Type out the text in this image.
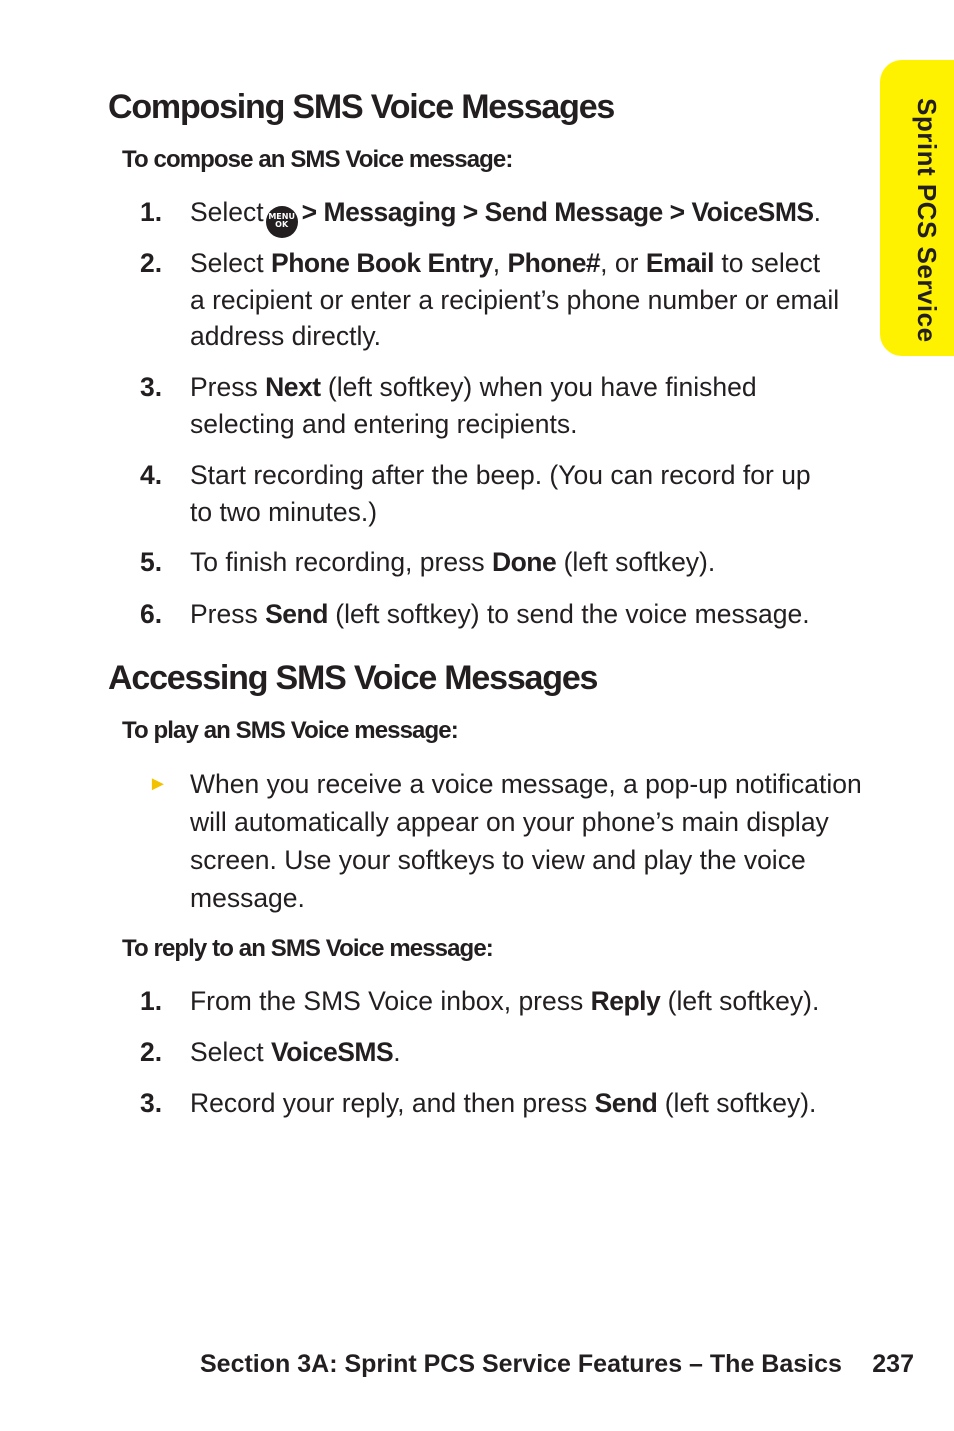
Sprint PCS Service
Composing SMS Voice Messages
To compose an SMS Voice message:
1. Select MENU
OK > Messaging > Send Message > VoiceSMS.
2. Select Phone Book Entry, Phone#, or Email to select a recipient or enter a recipient’s phone number or email address directly.
3. Press Next (left softkey) when you have finished selecting and entering recipients.
4. Start recording after the beep. (You can record for up to two minutes.)
5. To finish recording, press Done (left softkey).
6. Press Send (left softkey) to send the voice message.
Accessing SMS Voice Messages
To play an SMS Voice message:
► When you receive a voice message, a pop-up notification will automatically appear on your phone’s main display screen. Use your softkeys to view and play the voice message.
To reply to an SMS Voice message:
1. From the SMS Voice inbox, press Reply (left softkey).
2. Select VoiceSMS.
3. Record your reply, and then press Send (left softkey).
Section 3A: Sprint PCS Service Features – The Basics 237
